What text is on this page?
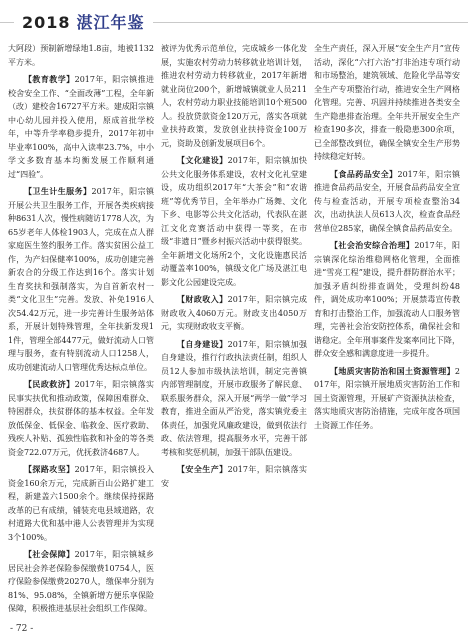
2018 湛江年鉴

大阿段）预制新增绿地1.8亩，地被1132平方米。

【教育教学】2017年，阳宗镇推进校舍安全工作、“全面改薄”工程，全年新（改）建校舍16727平方米。建成阳宗镇中心幼儿园并投入使用，原成首批学校年，中等升学率稳步提升，2017年初中毕业率100%，高中入读率23.7%，中小学文多数育基本均衡发展工作顺利通过“四验”。

【卫生计生服务】2017年，阳宗镇开展公共卫生服务工作，开展各类疾病接种8631人次，慢性病随访1778人次，为65岁老年人体检1903人，完成在点人群家庭医生签约服务工作。落实贫困公益工作，为产妇保健率100%，成功创建完善新农合的分级工作达到16个。落实计划生育奖扶和强制落实，为自首新农村一类“文化卫生”完善。发放、补免1916人次54.42万元，进一步完善计生服务站体系，开展计划特殊管理，全年扶新发现11件，管理全部4477元，做好流动人口管理与服务，查有特别流动人口1258人，成功创建流动人口管理优秀达标点单位。

【民政救济】2017年，阳宗镇落实民事实扶优和推动政策，保障困难群众、特困群众，扶贫群体的基本权益。全年发放低保金、低保金、临救金、医疗救助、残疾人补贴、孤独性临救和补金的等各类资金722.07万元，优抚救济4687人。

【探路攻坚】2017年，阳宗镇投入资金160余万元，完成新百山公路扩建工程，新建盖六1500余个。继续保持探路改革的已有成绩，铺装充电县域道路，农村道路大优和基中港人公表管理并为实现3个100%。

【社会保障】2017年，阳宗镇城乡居民社会养老保险参保缴费10754人，医疗保险参保缴费20270人，缴保率分别为81%、95.08%，全镇新增方便乐享保险保障，积极推进基层社会组织工作保障。

被评为优秀示范单位，完成城乡一体化发展，实施农村劳动力转移就业培训计划，推进农村劳动力转移就业，2017年新增就业岗位200个，新增城镇就业人员211人，农村劳动力职业技能培训10个班500人。投放贷款资金120万元，落实各项就业扶持政策，发放创业扶持资金100万元，资助及创新发展项目6个。

【文化建设】2017年，阳宗镇加快公共文化服务体系建设，农村文化礼堂建设，成功组织2017年“大茶会”和“农谐班”等优秀节目，全年举办广场舞、文化下乡、电影等公共文化活动，代表队在湛江文化竞赛活动中获得一等奖，在市级“非遗日”暨乡村振兴活动中获得银奖。全年新增文化场所2个，文化设施惠民活动覆盖率100%，镇级文化广场及湛江电影文化公园建设完成。

【财政收入】2017年，阳宗镇完成财政收入4060万元。财政支出4050万元，实现财政收支平衡。

【自身建设】2017年，阳宗镇加强自身建设，推行行政执法责任制，组织人员12人参加市级执法培训，制定完善镇内部管理制度，开展市政服务了解民意、联系服务群众，深入开展“两学一做”学习教育，推进全面从严治党，落实镇党委主体责任，加强党风廉政建设，做到依法行政、依法管理，提高服务水平，完善干部考核和奖惩机制，加强干部队伍建设。

【安全生产】2017年，阳宗镇落实安

全生产责任，深入开展“安全生产月”宣传活动，深化“六打六治”打非治违专项行动和市场整治，建筑领域、危险化学品等安全生产专项整治行动，推进安全生产网格化管理。完善、巩固并持续推进各类安全生产隐患排查治理。全年共开展安全生产检查190多次，排查一般隐患300余项，已全部整改到位，确保全镇安全生产形势持续稳定好转。

【食品药品安全】2017年，阳宗镇推进食品药品安全，开展食品药品安全宣传与检查活动，开展专项检查整治34次，出动执法人员613人次，检查食品经营单位285家，确保全镇食品药品安全。

【社会治安综合治理】2017年，阳宗镇深化综治维稳网格化管理，全面推进“雪亮工程”建设，提升群防群治水平；加强矛盾纠纷排查调处，受理纠纷48件，调处成功率100%；开展禁毒宣传教育和打击整治工作，加强流动人口服务管理，完善社会治安防控体系，确保社会和谐稳定。全年刑事案件发案率同比下降，群众安全感和满意度进一步提升。

【地质灾害防治和国土资源管理】2017年，阳宗镇开展地质灾害防治工作和国土资源管理，开展矿产资源执法检查，落实地质灾害防治措施，完成年度各项国土资源工作任务。

- 72 -
